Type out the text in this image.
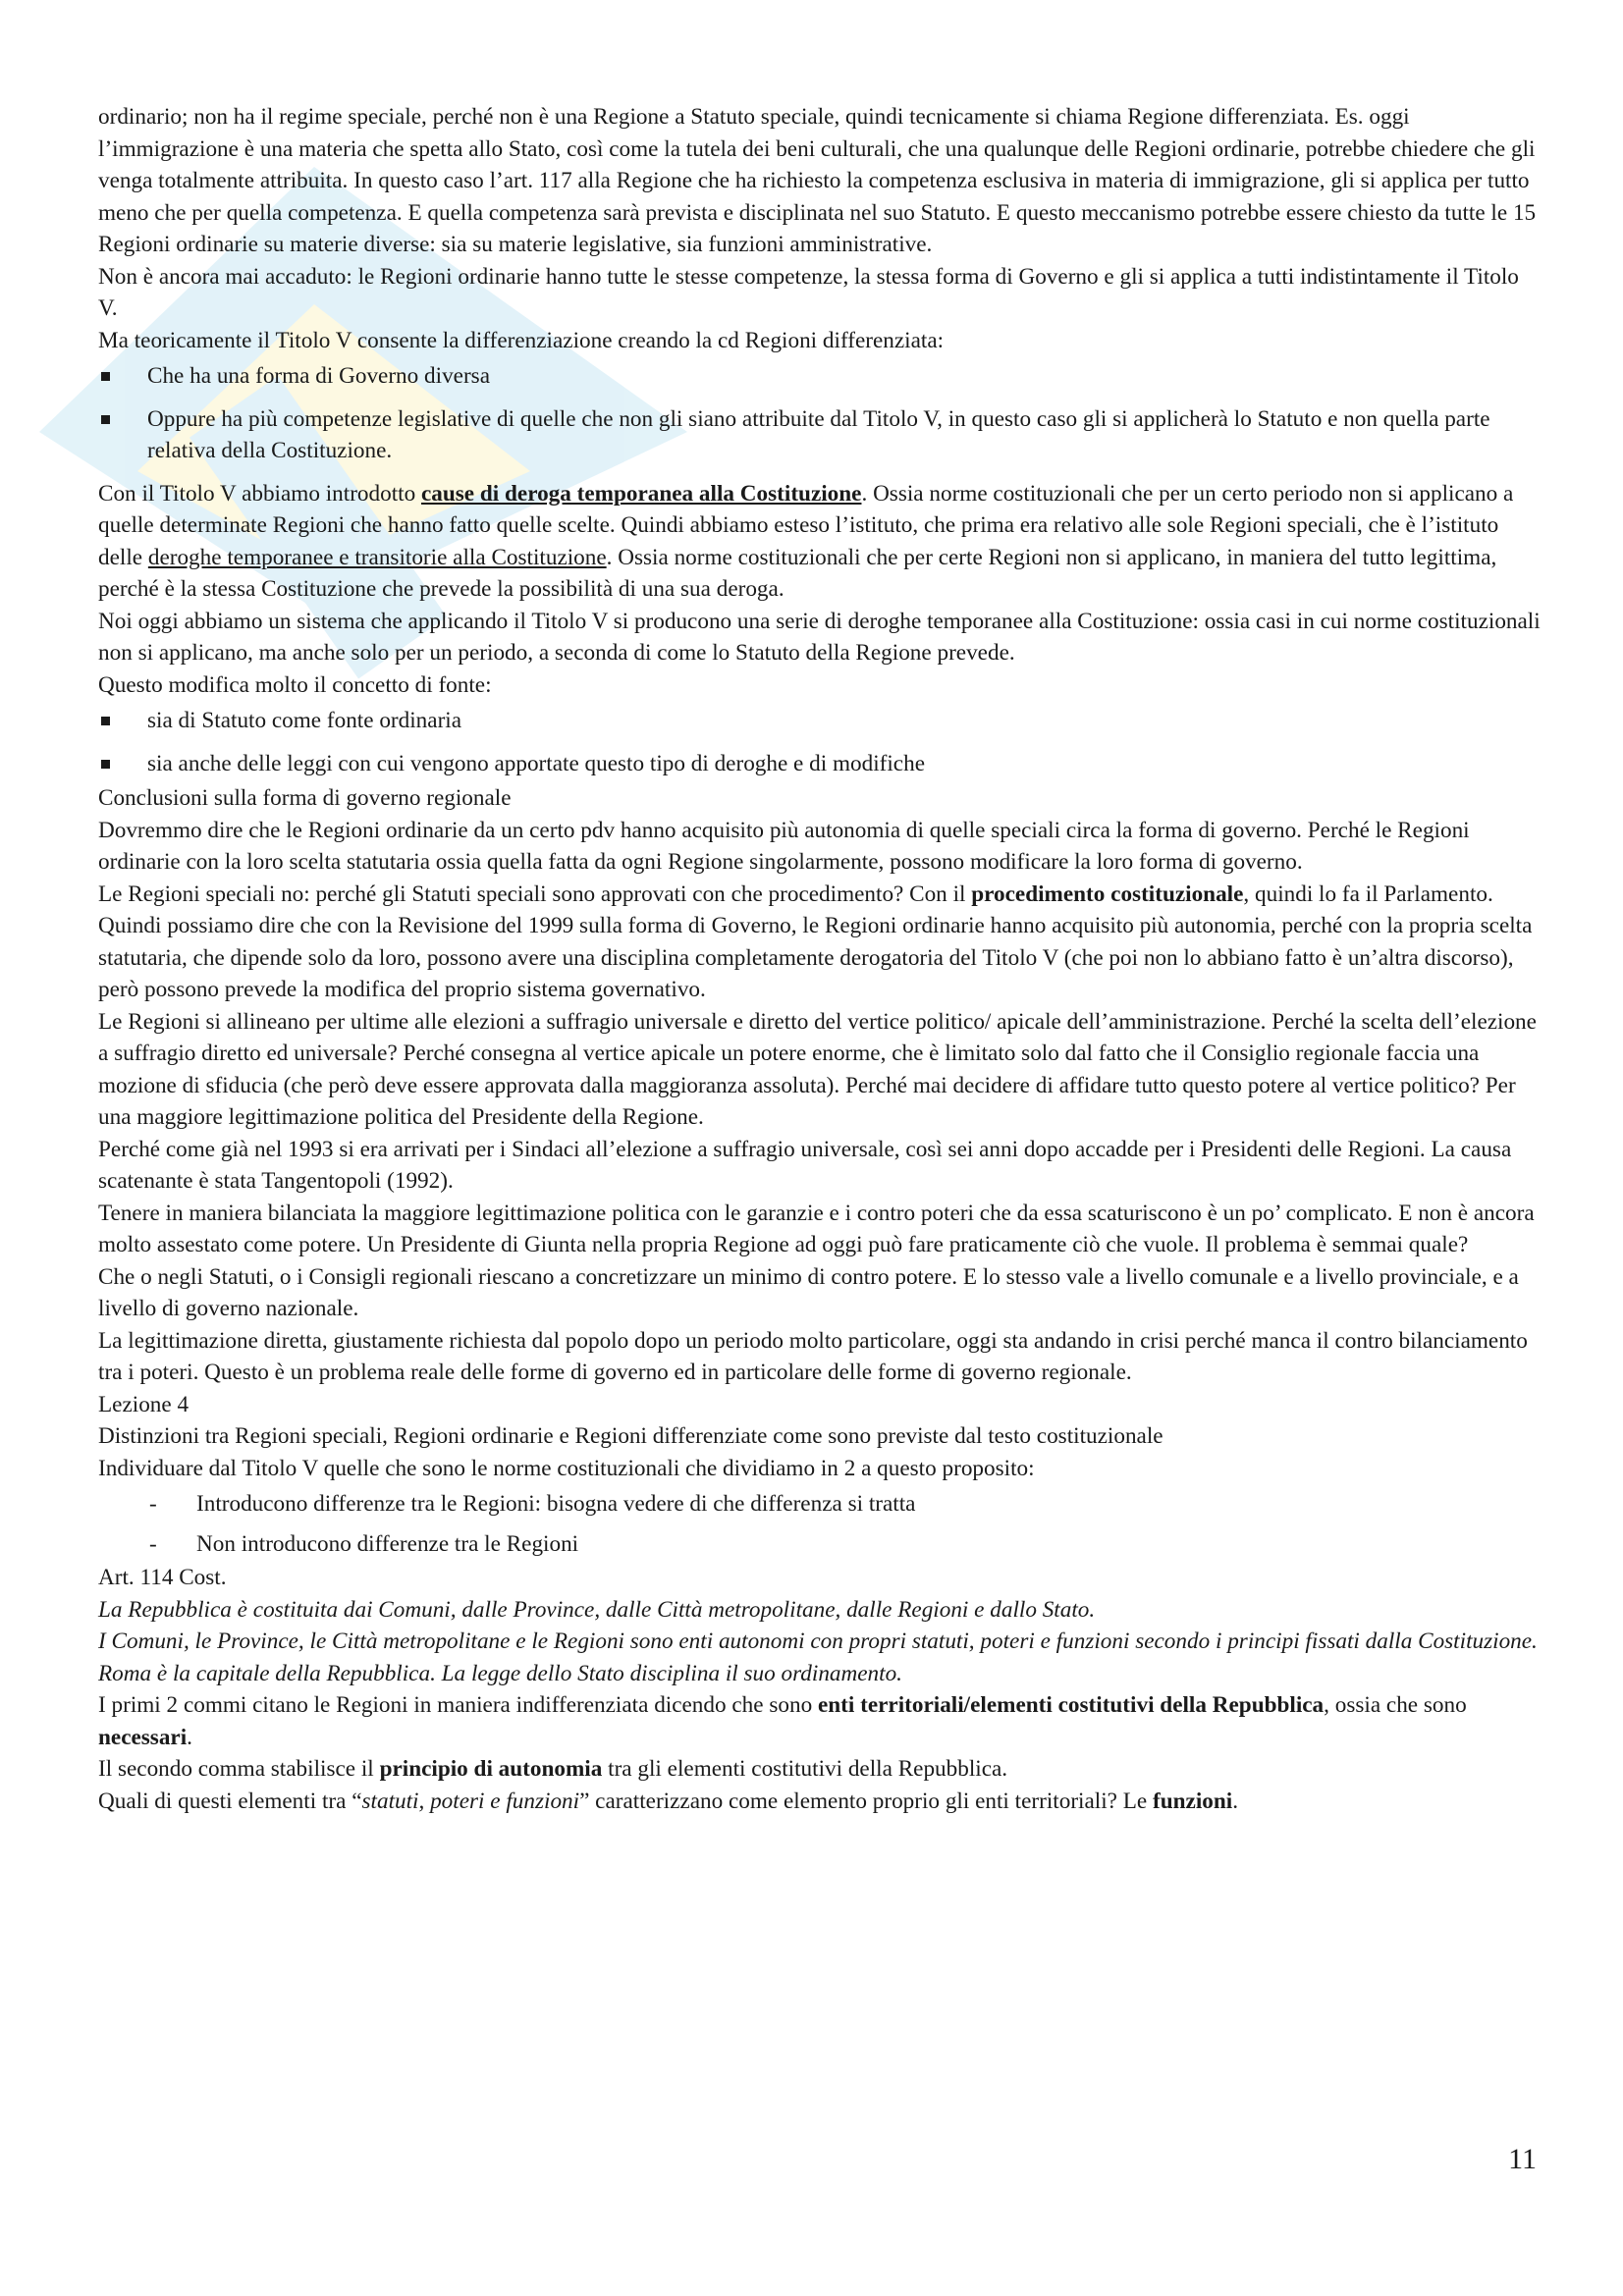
ordinario; non ha il regime speciale, perché non è una Regione a Statuto speciale, quindi tecnicamente si chiama Regione differenziata. Es. oggi l’immigrazione è una materia che spetta allo Stato, così come la tutela dei beni culturali, che una qualunque delle Regioni ordinarie, potrebbe chiedere che gli venga totalmente attribuita. In questo caso l’art. 117 alla Regione che ha richiesto la competenza esclusiva in materia di immigrazione, gli si applica per tutto meno che per quella competenza. E quella competenza sarà prevista e disciplinata nel suo Statuto. E questo meccanismo potrebbe essere chiesto da tutte le 15 Regioni ordinarie su materie diverse: sia su materie legislative, sia funzioni amministrative.

Non è ancora mai accaduto: le Regioni ordinarie hanno tutte le stesse competenze, la stessa forma di Governo e gli si applica a tutti indistintamente il Titolo V.

Ma teoricamente il Titolo V consente la differenziazione creando la cd Regioni differenziata:

Che ha una forma di Governo diversa
Oppure ha più competenze legislative di quelle che non gli siano attribuite dal Titolo V, in questo caso gli si applicherà lo Statuto e non quella parte relativa della Costituzione.

Con il Titolo V abbiamo introdotto cause di deroga temporanea alla Costituzione. Ossia norme costituzionali che per un certo periodo non si applicano a quelle determinate Regioni che hanno fatto quelle scelte. Quindi abbiamo esteso l’istituto, che prima era relativo alle sole Regioni speciali, che è l’istituto delle deroghe temporanee e transitorie alla Costituzione. Ossia norme costituzionali che per certe Regioni non si applicano, in maniera del tutto legittima, perché è la stessa Costituzione che prevede la possibilità di una sua deroga.

Noi oggi abbiamo un sistema che applicando il Titolo V si producono una serie di deroghe temporanee alla Costituzione: ossia casi in cui norme costituzionali non si applicano, ma anche solo per un periodo, a seconda di come lo Statuto della Regione prevede.

Questo modifica molto il concetto di fonte:

sia di Statuto come fonte ordinaria
sia anche delle leggi con cui vengono apportate questo tipo di deroghe e di modifiche

Conclusioni sulla forma di governo regionale

Dovremmo dire che le Regioni ordinarie da un certo pdv hanno acquisito più autonomia di quelle speciali circa la forma di governo. Perché le Regioni ordinarie con la loro scelta statutaria ossia quella fatta da ogni Regione singolarmente, possono modificare la loro forma di governo.

Le Regioni speciali no: perché gli Statuti speciali sono approvati con che procedimento? Con il procedimento costituzionale, quindi lo fa il Parlamento.

Quindi possiamo dire che con la Revisione del 1999 sulla forma di Governo, le Regioni ordinarie hanno acquisito più autonomia, perché con la propria scelta statutaria, che dipende solo da loro, possono avere una disciplina completamente derogatoria del Titolo V (che poi non lo abbiano fatto è un’altra discorso), però possono prevede la modifica del proprio sistema governativo.

Le Regioni si allineano per ultime alle elezioni a suffragio universale e diretto del vertice politico/ apicale dell’amministrazione. Perché la scelta dell’elezione a suffragio diretto ed universale? Perché consegna al vertice apicale un potere enorme, che è limitato solo dal fatto che il Consiglio regionale faccia una mozione di sfiducia (che però deve essere approvata dalla maggioranza assoluta). Perché mai decidere di affidare tutto questo potere al vertice politico? Per una maggiore legittimazione politica del Presidente della Regione.

Perché come già nel 1993 si era arrivati per i Sindaci all’elezione a suffragio universale, così sei anni dopo accadde per i Presidenti delle Regioni. La causa scatenante è stata Tangentopoli (1992).

Tenere in maniera bilanciata la maggiore legittimazione politica con le garanzie e i contro poteri che da essa scaturiscono è un po’ complicato. E non è ancora molto assestato come potere. Un Presidente di Giunta nella propria Regione ad oggi può fare praticamente ciò che vuole. Il problema è semmai quale?

Che o negli Statuti, o i Consigli regionali riescano a concretizzare un minimo di contro potere. E lo stesso vale a livello comunale e a livello provinciale, e a livello di governo nazionale.

La legittimazione diretta, giustamente richiesta dal popolo dopo un periodo molto particolare, oggi sta andando in crisi perché manca il contro bilanciamento tra i poteri. Questo è un problema reale delle forme di governo ed in particolare delle forme di governo regionale.

Lezione 4

Distinzioni tra Regioni speciali, Regioni ordinarie e Regioni differenziate come sono previste dal testo costituzionale

Individuare dal Titolo V quelle che sono le norme costituzionali che dividiamo in 2 a questo proposito:

- Introducono differenze tra le Regioni: bisogna vedere di che differenza si tratta
- Non introducono differenze tra le Regioni

Art. 114 Cost.

La Repubblica è costituita dai Comuni, dalle Province, dalle Città metropolitane, dalle Regioni e dallo Stato.

I Comuni, le Province, le Città metropolitane e le Regioni sono enti autonomi con propri statuti, poteri e funzioni secondo i principi fissati dalla Costituzione.

Roma è la capitale della Repubblica. La legge dello Stato disciplina il suo ordinamento.

I primi 2 commi citano le Regioni in maniera indifferenziata dicendo che sono enti territoriali/elementi costitutivi della Repubblica, ossia che sono necessari.

Il secondo comma stabilisce il principio di autonomia tra gli elementi costitutivi della Repubblica.

Quali di questi elementi tra “statuti, poteri e funzioni” caratterizzano come elemento proprio gli enti territoriali? Le funzioni.

11
